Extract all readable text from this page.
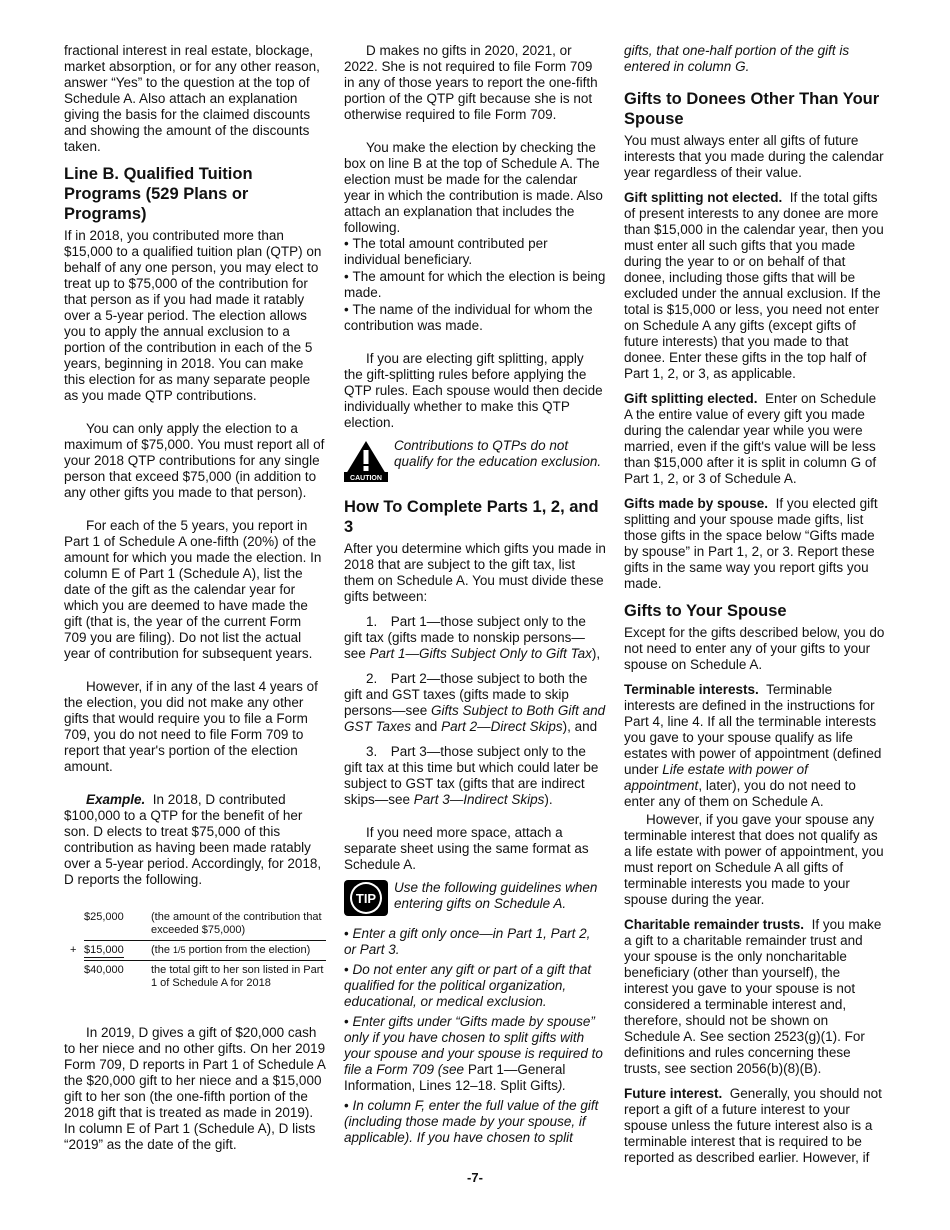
fractional interest in real estate, blockage, market absorption, or for any other reason, answer “Yes” to the question at the top of Schedule A. Also attach an explanation giving the basis for the claimed discounts and showing the amount of the discounts taken.

Line B. Qualified Tuition Programs (529 Plans or Programs)

If in 2018, you contributed more than $15,000 to a qualified tuition plan (QTP) on behalf of any one person, you may elect to treat up to $75,000 of the contribution for that person as if you had made it ratably over a 5-year period. The election allows you to apply the annual exclusion to a portion of the contribution in each of the 5 years, beginning in 2018. You can make this election for as many separate people as you made QTP contributions.

You can only apply the election to a maximum of $75,000. You must report all of your 2018 QTP contributions for any single person that exceed $75,000 (in addition to any other gifts you made to that person).

For each of the 5 years, you report in Part 1 of Schedule A one-fifth (20%) of the amount for which you made the election. In column E of Part 1 (Schedule A), list the date of the gift as the calendar year for which you are deemed to have made the gift (that is, the year of the current Form 709 you are filing). Do not list the actual year of contribution for subsequent years.

However, if in any of the last 4 years of the election, you did not make any other gifts that would require you to file a Form 709, you do not need to file Form 709 to report that year's portion of the election amount.

Example. In 2018, D contributed $100,000 to a QTP for the benefit of her son. D elects to treat $75,000 of this contribution as having been made ratably over a 5-year period. Accordingly, for 2018, D reports the following.

$25,000	(the amount of the contribution that exceeded $75,000)
+ $15,000	(the 1/5 portion from the election)
$40,000	the total gift to her son listed in Part 1 of Schedule A for 2018

In 2019, D gives a gift of $20,000 cash to her niece and no other gifts. On her 2019 Form 709, D reports in Part 1 of Schedule A the $20,000 gift to her niece and a $15,000 gift to her son (the one-fifth portion of the 2018 gift that is treated as made in 2019). In column E of Part 1 (Schedule A), D lists “2019” as the date of the gift.

D makes no gifts in 2020, 2021, or 2022. She is not required to file Form 709 in any of those years to report the one-fifth portion of the QTP gift because she is not otherwise required to file Form 709.

You make the election by checking the box on line B at the top of Schedule A. The election must be made for the calendar year in which the contribution is made. Also attach an explanation that includes the following.

• The total amount contributed per individual beneficiary.
• The amount for which the election is being made.
• The name of the individual for whom the contribution was made.

If you are electing gift splitting, apply the gift-splitting rules before applying the QTP rules. Each spouse would then decide individually whether to make this QTP election.

CAUTION
Contributions to QTPs do not qualify for the education exclusion.
How To Complete Parts 1, 2, and 3

After you determine which gifts you made in 2018 that are subject to the gift tax, list them on Schedule A. You must divide these gifts between:

1. Part 1—those subject only to the gift tax (gifts made to nonskip persons—see Part 1—Gifts Subject Only to Gift Tax),

2. Part 2—those subject to both the gift and GST taxes (gifts made to skip persons—see Gifts Subject to Both Gift and GST Taxes and Part 2—Direct Skips), and

3. Part 3—those subject only to the gift tax at this time but which could later be subject to GST tax (gifts that are indirect skips—see Part 3—Indirect Skips).

If you need more space, attach a separate sheet using the same format as Schedule A.

TIP
Use the following guidelines when entering gifts on Schedule A.
• Enter a gift only once—in Part 1, Part 2, or Part 3.
• Do not enter any gift or part of a gift that qualified for the political organization, educational, or medical exclusion.
• Enter gifts under “Gifts made by spouse” only if you have chosen to split gifts with your spouse and your spouse is required to file a Form 709 (see Part 1—General Information, Lines 12–18. Split Gifts).
• In column F, enter the full value of the gift (including those made by your spouse, if applicable). If you have chosen to split

gifts, that one-half portion of the gift is entered in column G.

Gifts to Donees Other Than Your Spouse

You must always enter all gifts of future interests that you made during the calendar year regardless of their value.

Gift splitting not elected. If the total gifts of present interests to any donee are more than $15,000 in the calendar year, then you must enter all such gifts that you made during the year to or on behalf of that donee, including those gifts that will be excluded under the annual exclusion. If the total is $15,000 or less, you need not enter on Schedule A any gifts (except gifts of future interests) that you made to that donee. Enter these gifts in the top half of Part 1, 2, or 3, as applicable.

Gift splitting elected. Enter on Schedule A the entire value of every gift you made during the calendar year while you were married, even if the gift's value will be less than $15,000 after it is split in column G of Part 1, 2, or 3 of Schedule A.

Gifts made by spouse. If you elected gift splitting and your spouse made gifts, list those gifts in the space below “Gifts made by spouse” in Part 1, 2, or 3. Report these gifts in the same way you report gifts you made.

Gifts to Your Spouse

Except for the gifts described below, you do not need to enter any of your gifts to your spouse on Schedule A.

Terminable interests. Terminable interests are defined in the instructions for Part 4, line 4. If all the terminable interests you gave to your spouse qualify as life estates with power of appointment (defined under Life estate with power of appointment, later), you do not need to enter any of them on Schedule A.

However, if you gave your spouse any terminable interest that does not qualify as a life estate with power of appointment, you must report on Schedule A all gifts of terminable interests you made to your spouse during the year.

Charitable remainder trusts. If you make a gift to a charitable remainder trust and your spouse is the only noncharitable beneficiary (other than yourself), the interest you gave to your spouse is not considered a terminable interest and, therefore, should not be shown on Schedule A. See section 2523(g)(1). For definitions and rules concerning these trusts, see section 2056(b)(8)(B).

Future interest. Generally, you should not report a gift of a future interest to your spouse unless the future interest also is a terminable interest that is required to be reported as described earlier. However, if

-7-
